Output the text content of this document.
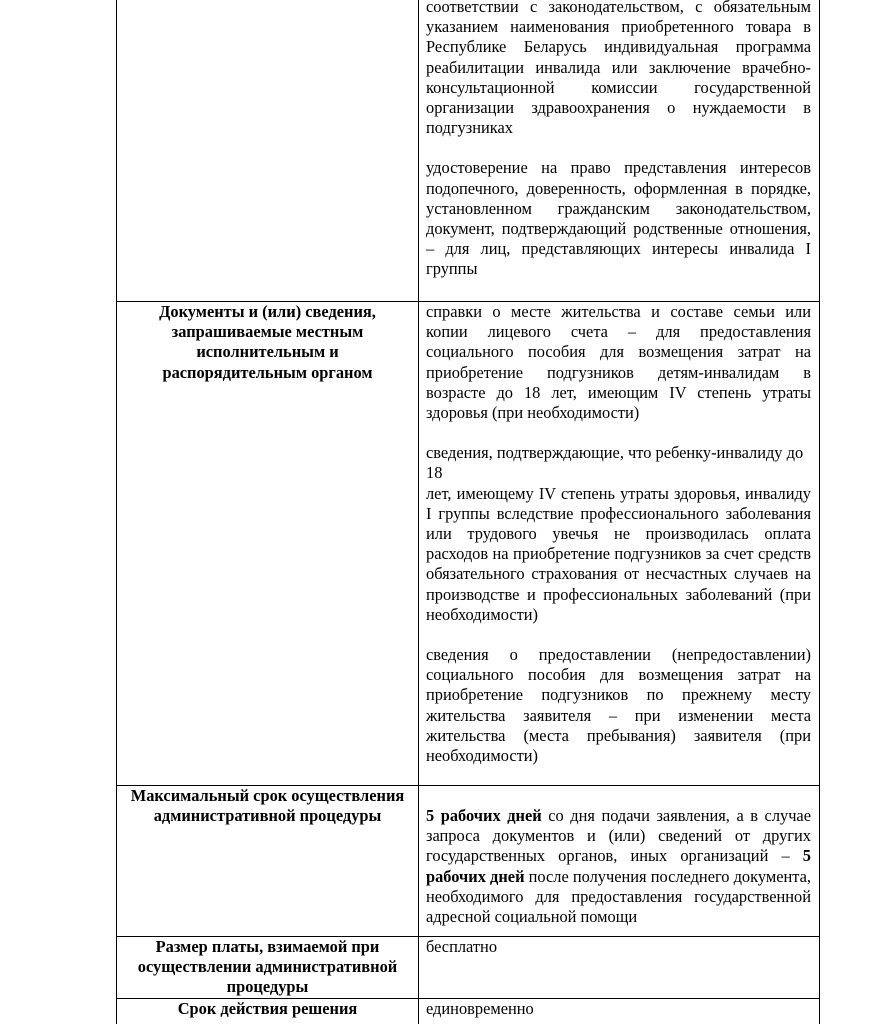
	соответствии с законодательством, с обязательным указанием наименования приобретенного товара в Республике Беларусь индивидуальная программа реабилитации инвалида или заключение врачебно-консультационной комиссии государственной организации здравоохранения о нуждаемости в подгузниках

удостоверение на право представления интересов подопечного, доверенность, оформленная в порядке, установленном гражданским законодательством, документ, подтверждающий родственные отношения, – для лиц, представляющих интересы инвалида I группы

Документы и (или) сведения, запрашиваемые местным исполнительным и распорядительным органом	справки о месте жительства и составе семьи или копии лицевого счета – для предоставления социального пособия для возмещения затрат на приобретение подгузников детям-инвалидам в возрасте до 18 лет, имеющим IV степень утраты здоровья (при необходимости)

сведения, подтверждающие, что ребенку-инвалиду до 18

лет, имеющему IV степень утраты здоровья, инвалиду I группы вследствие профессионального заболевания или трудового увечья не производилась оплата расходов на приобретение подгузников за счет средств обязательного страхования от несчастных случаев на производстве и профессиональных заболеваний (при необходимости)

сведения о предоставлении (непредоставлении) социального пособия для возмещения затрат на приобретение подгузников по прежнему месту жительства заявителя – при изменении места жительства (места пребывания) заявителя (при необходимости)

Максимальный срок осуществления административной процедуры	5 рабочих дней со дня подачи заявления, а в случае запроса документов и (или) сведений от других государственных органов, иных организаций – 5 рабочих дней после получения последнего документа, необходимого для предоставления государственной адресной социальной помощи

Размер платы, взимаемой при осуществлении административной процедуры	бесплатно
Срок действия решения	единовременно
